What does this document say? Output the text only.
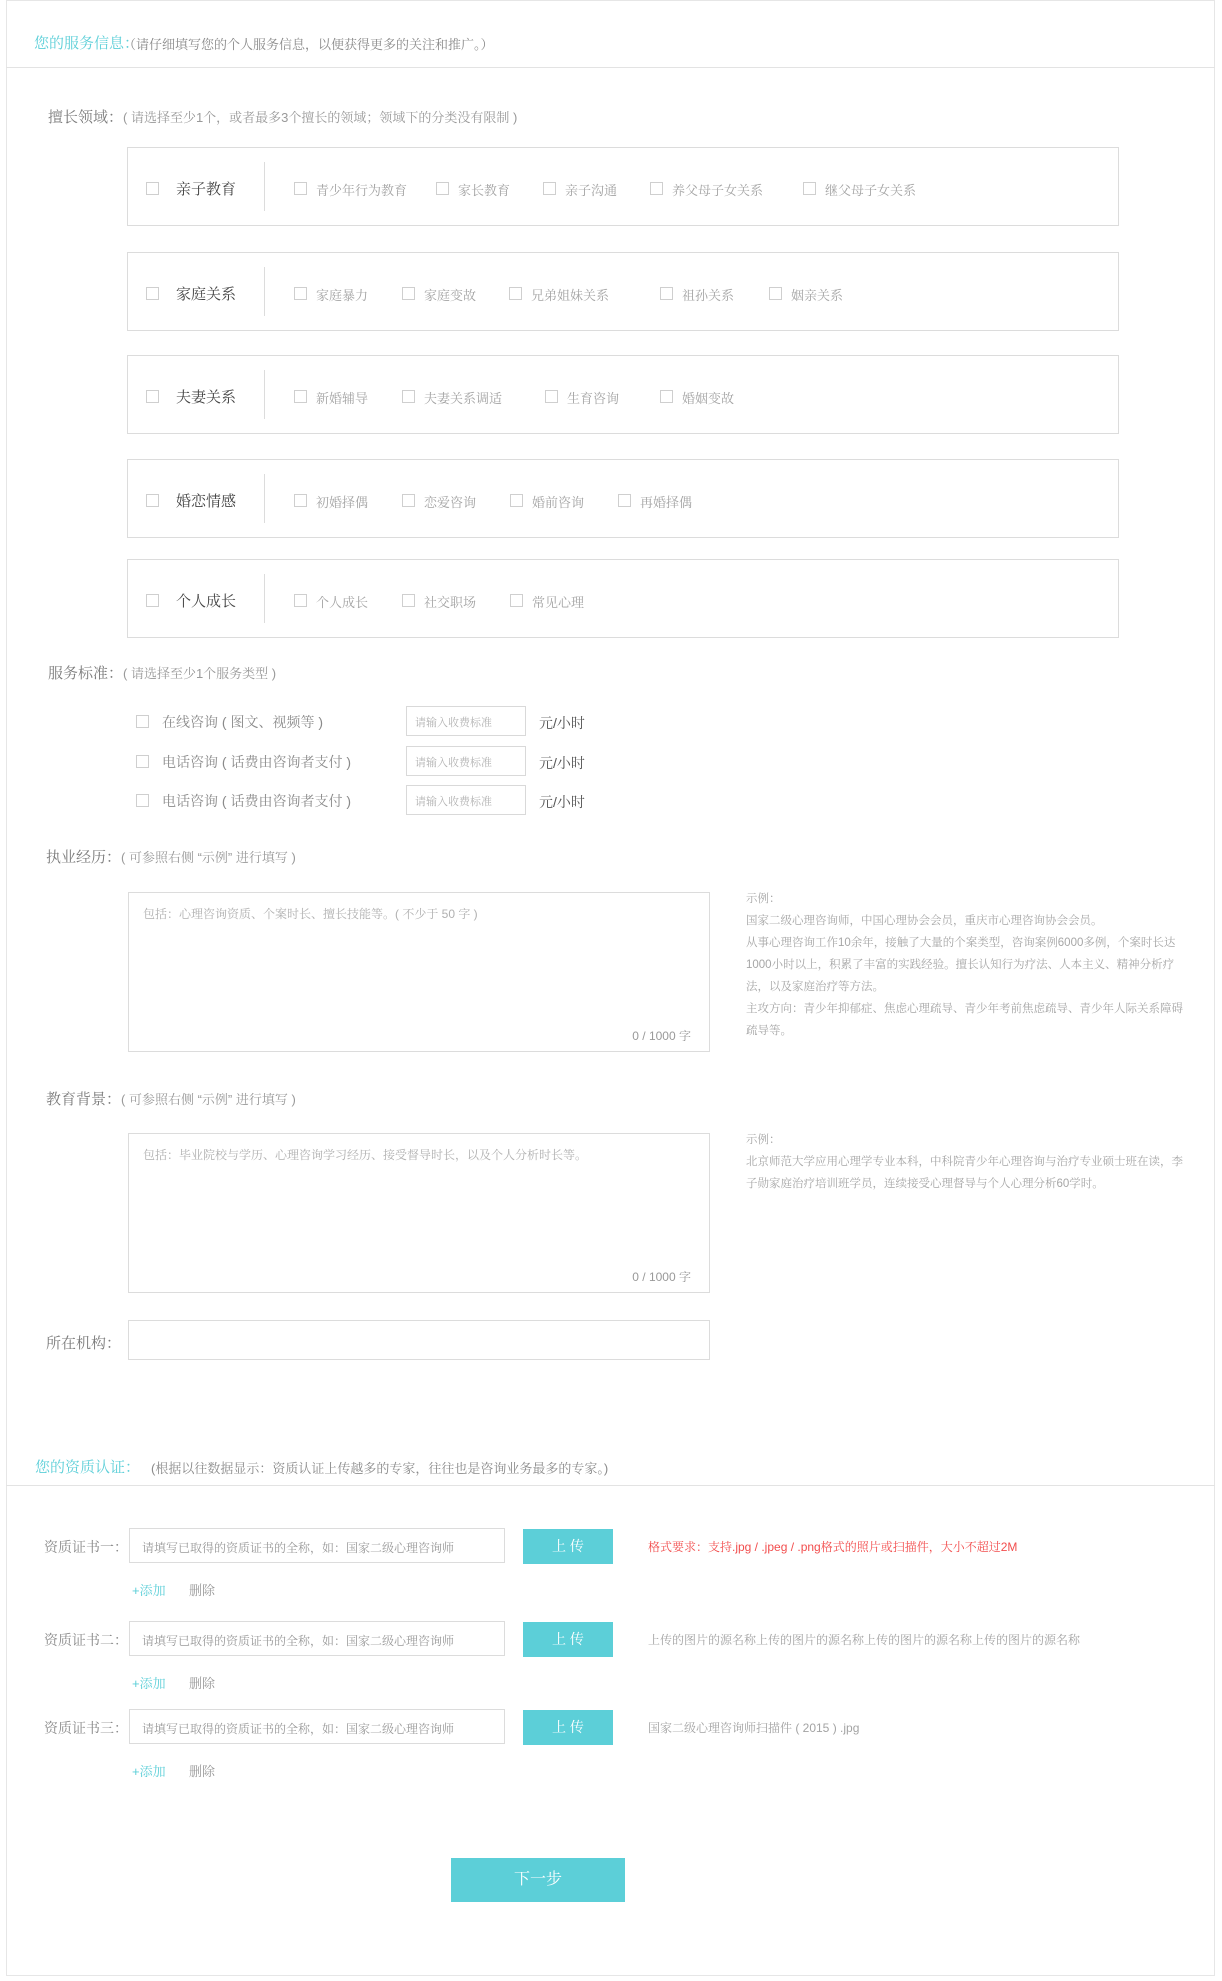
您的服务信息：
（请仔细填写您的个人服务信息，以便获得更多的关注和推广。）
擅长领域：( 请选择至少1个，或者最多3个擅长的领域；领域下的分类没有限制 )
亲子教育	青少年行为教育	家长教育	亲子沟通	养父母子女关系	继父母子女关系
家庭关系	家庭暴力	家庭变故	兄弟姐妹关系	祖孙关系	姻亲关系
夫妻关系	新婚辅导	夫妻关系调适	生育咨询	婚姻变故
婚恋情感	初婚择偶	恋爱咨询	婚前咨询	再婚择偶
个人成长	个人成长	社交职场	常见心理
服务标准：( 请选择至少1个服务类型 )
在线咨询 ( 图文、视频等 )	请输入收费标准	元/小时
电话咨询 ( 话费由咨询者支付 )	请输入收费标准	元/小时
电话咨询 ( 话费由咨询者支付 )	请输入收费标准	元/小时
执业经历：( 可参照右侧 “示例” 进行填写 )
包括：心理咨询资质、个案时长、擅长技能等。( 不少于 50 字 )
0 / 1000 字
示例：
国家二级心理咨询师，中国心理协会会员，重庆市心理咨询协会会员。
从事心理咨询工作10余年，接触了大量的个案类型，咨询案例6000多例，个案时长达1000小时以上，积累了丰富的实践经验。擅长认知行为疗法、人本主义、精神分析疗法，以及家庭治疗等方法。
主攻方向：青少年抑郁症、焦虑心理疏导、青少年考前焦虑疏导、青少年人际关系障碍疏导等。
教育背景：( 可参照右侧 “示例” 进行填写 )
包括：毕业院校与学历、心理咨询学习经历、接受督导时长，以及个人分析时长等。
0 / 1000 字
示例：
北京师范大学应用心理学专业本科，中科院青少年心理咨询与治疗专业硕士班在读，李子勋家庭治疗培训班学员，连续接受心理督导与个人心理分析60学时。
所在机构：
您的资质认证： (根据以往数据显示：资质认证上传越多的专家，往往也是咨询业务最多的专家。)
资质证书一：	请填写已取得的资质证书的全称，如：国家二级心理咨询师	上 传	格式要求：支持.jpg / .jpeg / .png格式的照片或扫描件，大小不超过2M
+添加 删除
资质证书二：	请填写已取得的资质证书的全称，如：国家二级心理咨询师	上 传	上传的图片的源名称上传的图片的源名称上传的图片的源名称上传的图片的源名称
+添加 删除
资质证书三：	请填写已取得的资质证书的全称，如：国家二级心理咨询师	上 传	国家二级心理咨询师扫描件 ( 2015 ) .jpg
+添加 删除
下一步
